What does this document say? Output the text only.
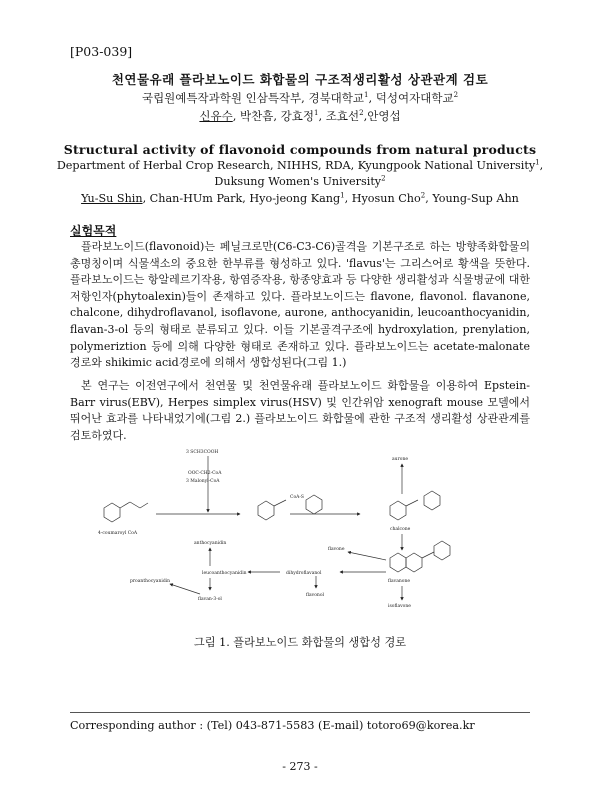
[P03-039]
천연물유래 플라보노이드 화합물의 구조적생리활성 상관관계 검토
국립원예특작과학원 인삼특작부, 경북대학교$^1$, 덕성여자대학교$^2$
신유수, 박찬흠, 강효정$^1$, 조효선$^2$,안영섭
Structural activity of flavonoid compounds from natural products
Department of Herbal Crop Research, NIHHS, RDA, Kyungpook National University$^1$,
Duksung Women's University$^2$
Yu-Su Shin, Chan-HUm Park, Hyo-jeong Kang$^1$, Hyosun Cho$^2$, Young-Sup Ahn
실험목적
플라보노이드(flavonoid)는 페닐크로만(C6-C3-C6)골격을 기본구조로 하는 방향족화합물의 총명칭이며 식물색소의 중요한 한부류를 형성하고 있다. 'flavus'는 그리스어로 황색을 뜻한다. 플라보노이드는 항알레르기작용, 항염증작용, 항종양효과 등 다양한 생리활성과 식물병균에 대한 저항인자(phytoalexin)들이 존재하고 있다. 플라보노이드는 flavone, flavonol. flavanone, chalcone, dihydroflavanol, isoflavone, aurone, anthocyanidin, leucoanthocyanidin, flavan-3-ol 등의 형태로 분류되고 있다. 이들 기본골격구조에 hydroxylation, prenylation, polymeriztion 등에 의해 다양한 형태로 존재하고 있다. 플라보노이드는 acetate-malonate 경로와 shikimic acid경로에 의해서 생합성된다(그림 1.)
본 연구는 이전연구에서 천연물 및 천연물유래 플라보노이드 화합물을 이용하여 Epstein-Barr virus(EBV), Herpes simplex virus(HSV) 및 인간위암 xenograft mouse 모델에서 뛰어난 효과를 나타내었기에(그림 2.) 플라보노이드 화합물에 관한 구조적 생리활성 상관관계를 검토하였다.
3 SCH3COOH
OOC-CH2-CoA
3 Malonyl-CoA
4-coumaroyl CoA
CoA-S
aurone
chalcone
flavone
flavanone
isoflavone
dihydroflavanol
flavonol
leucoanthocyanidin
anthocyanidin
flavan-3-ol
proanthocyanidin
그림 1. 플라보노이드 화합물의 생합성 경로
Corresponding author : (Tel) 043-871-5583 (E-mail) totoro69@korea.kr
- 273 -
